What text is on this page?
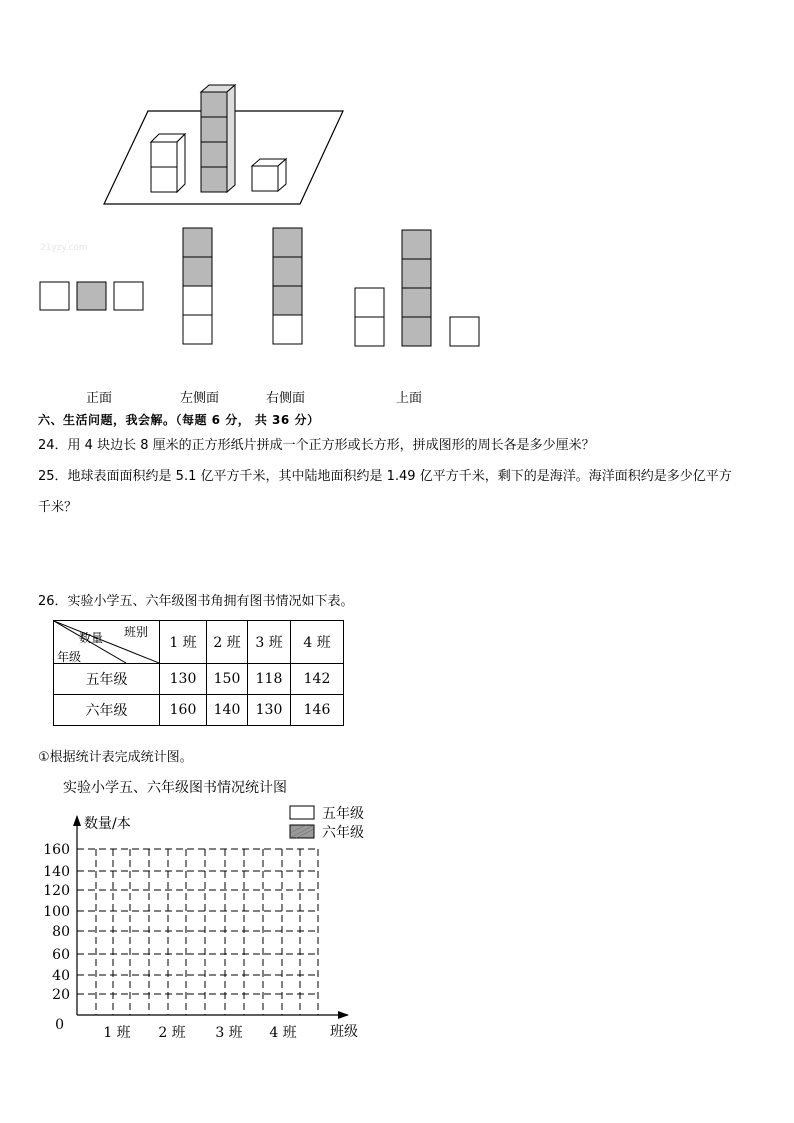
21yzy.com
正面	左侧面	右侧面	上面
六、生活问题，我会解。（每题 6 分， 共 36 分）
24．用 4 块边长 8 厘米的正方形纸片拼成一个正方形或长方形，拼成图形的周长各是多少厘米？
25．地球表面面积约是 5.1 亿平方千米，其中陆地面积约是 1.49 亿平方千米，剩下的是海洋。海洋面积约是多少亿平方
千米？
26．实验小学五、六年级图书角拥有图书情况如下表。
班别
数量
年级	1 班	2 班	3 班	4 班
五年级	130	150	118	142
六年级	160	140	130	146
①根据统计表完成统计图。
实验小学五、六年级图书情况统计图
五年级
六年级
0
20
40
60
80
100
120
140
160
数量/本
班级
1 班 2 班 3 班 4 班
